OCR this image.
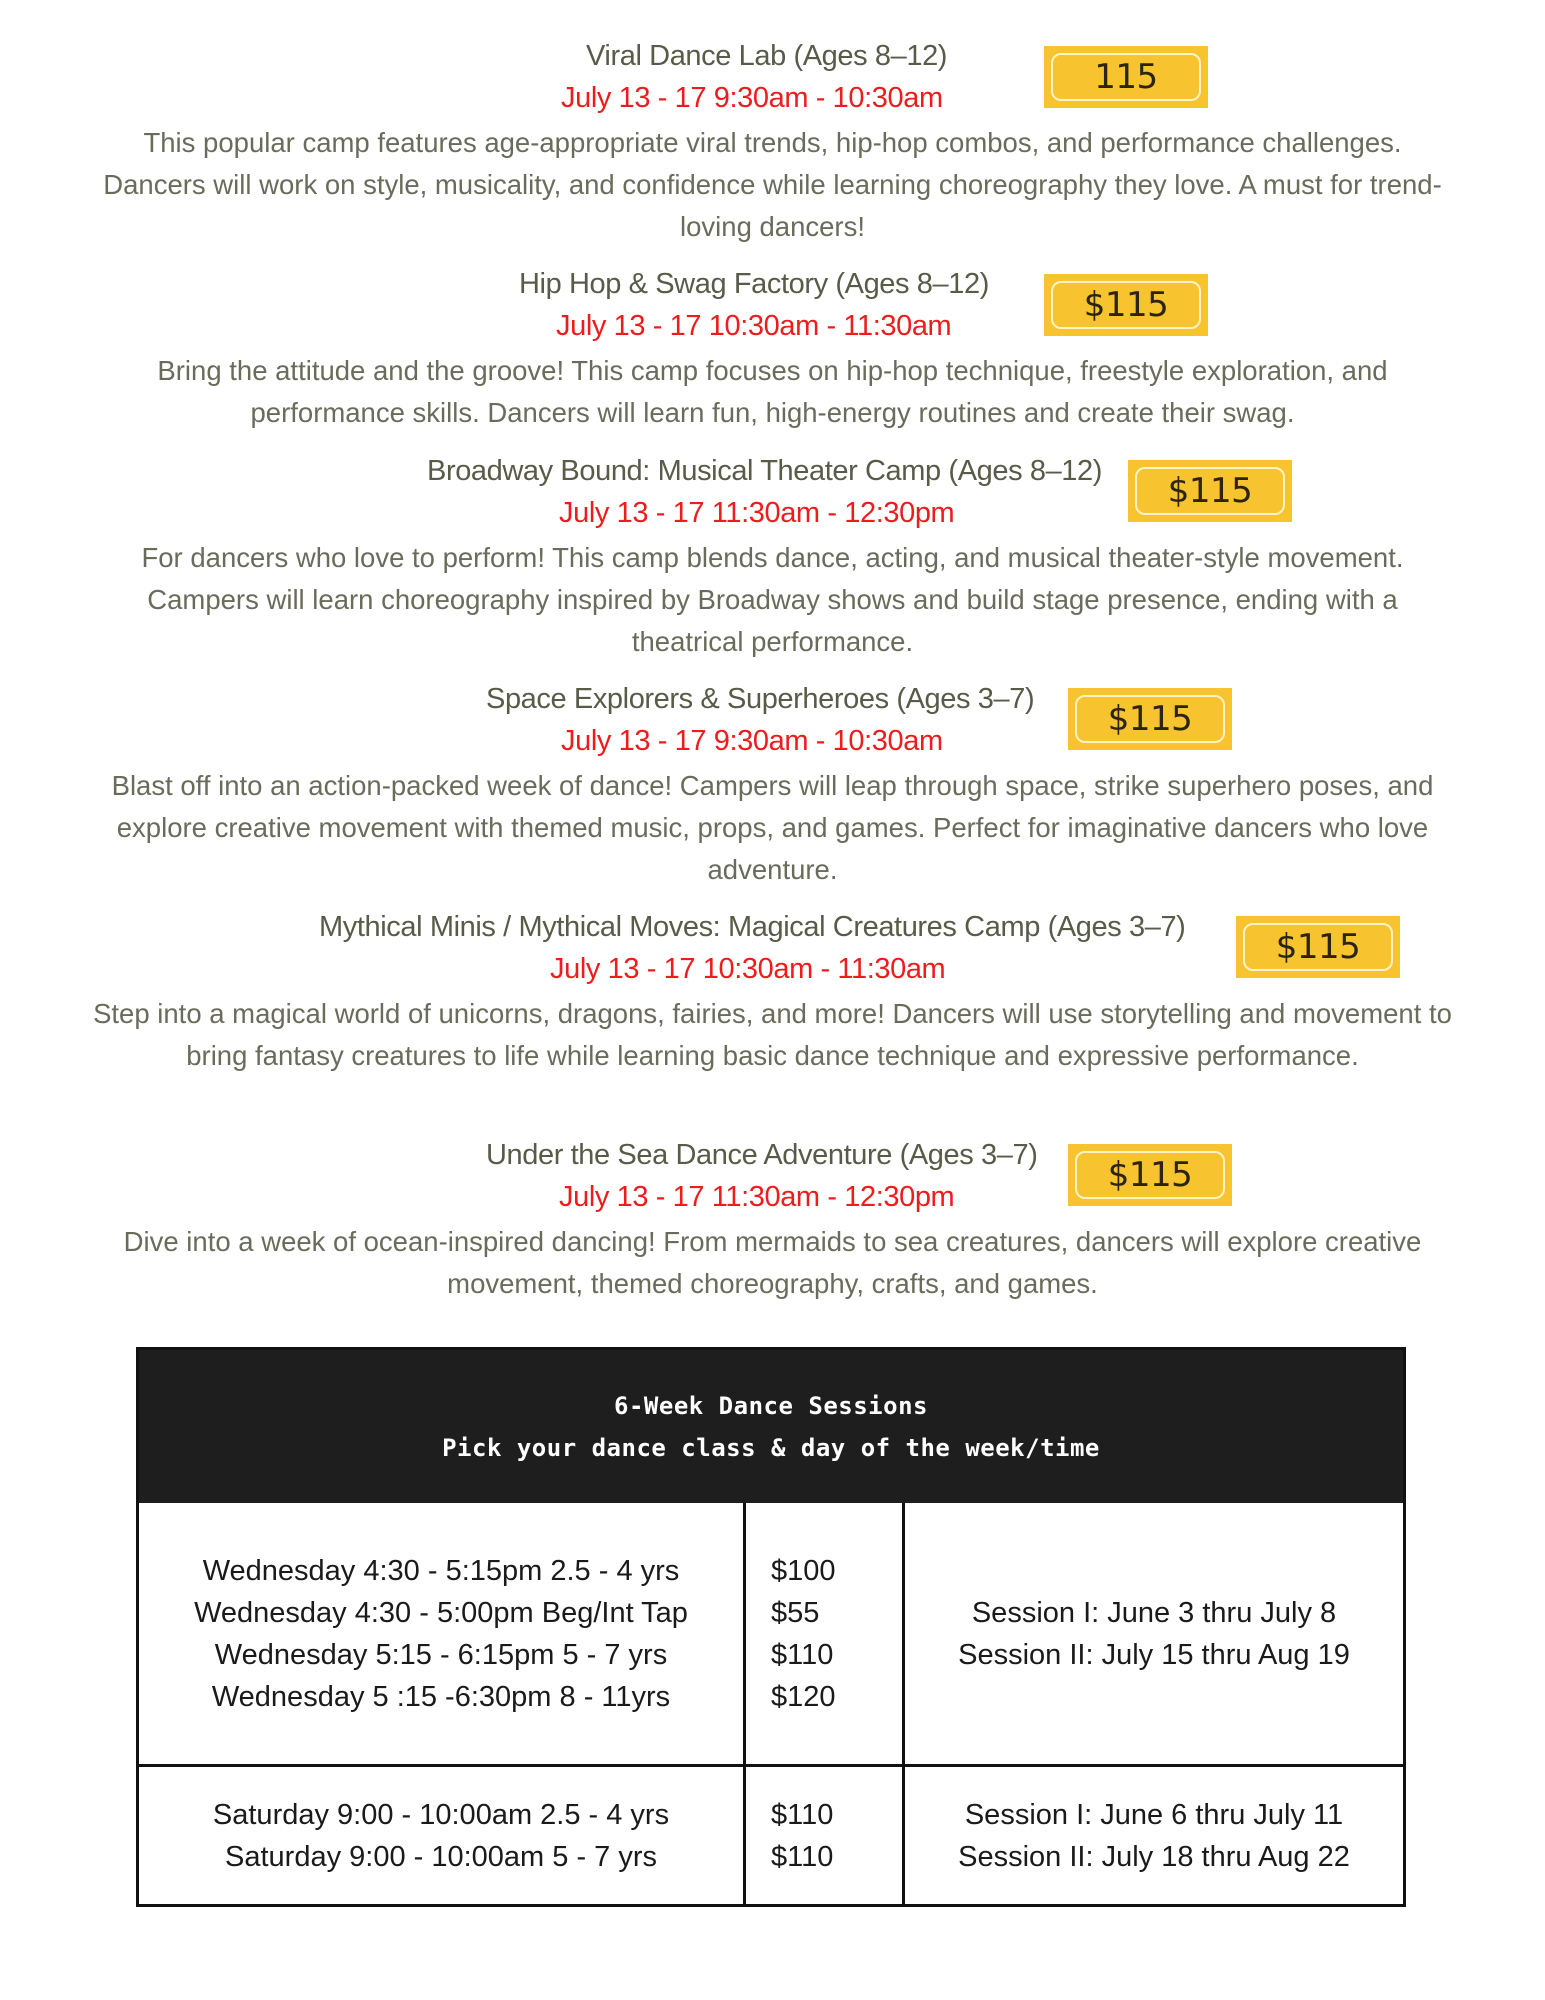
Viral Dance Lab (Ages 8–12)
July 13 - 17 9:30am - 10:30am
115
This popular camp features age-appropriate viral trends, hip-hop combos, and performance challenges. Dancers will work on style, musicality, and confidence while learning choreography they love. A must for trend-loving dancers!
Hip Hop & Swag Factory (Ages 8–12)
July 13 - 17 10:30am - 11:30am
$115
Bring the attitude and the groove! This camp focuses on hip-hop technique, freestyle exploration, and performance skills. Dancers will learn fun, high-energy routines and create their swag.
Broadway Bound: Musical Theater Camp (Ages 8–12)
July 13 - 17 11:30am - 12:30pm
$115
For dancers who love to perform! This camp blends dance, acting, and musical theater-style movement. Campers will learn choreography inspired by Broadway shows and build stage presence, ending with a theatrical performance.
Space Explorers & Superheroes (Ages 3–7)
July 13 - 17 9:30am - 10:30am
$115
Blast off into an action-packed week of dance! Campers will leap through space, strike superhero poses, and explore creative movement with themed music, props, and games. Perfect for imaginative dancers who love adventure.
Mythical Minis / Mythical Moves: Magical Creatures Camp (Ages 3–7)
July 13 - 17 10:30am - 11:30am
$115
Step into a magical world of unicorns, dragons, fairies, and more! Dancers will use storytelling and movement to bring fantasy creatures to life while learning basic dance technique and expressive performance.
Under the Sea Dance Adventure (Ages 3–7)
July 13 - 17 11:30am - 12:30pm
$115
Dive into a week of ocean-inspired dancing! From mermaids to sea creatures, dancers will explore creative movement, themed choreography, crafts, and games.
6-Week Dance Sessions
Pick your dance class & day of the week/time
Wednesday 4:30 - 5:15pm 2.5 - 4 yrs
Wednesday 4:30 - 5:00pm Beg/Int Tap
Wednesday 5:15 - 6:15pm 5 - 7 yrs
Wednesday 5 :15 -6:30pm 8 - 11yrs
$100
$55
$110
$120
Session I: June 3 thru July 8
Session II: July 15 thru Aug 19
Saturday 9:00 - 10:00am 2.5 - 4 yrs
Saturday 9:00 - 10:00am 5 - 7 yrs
$110
$110
Session I: June 6 thru July 11
Session II: July 18 thru Aug 22
